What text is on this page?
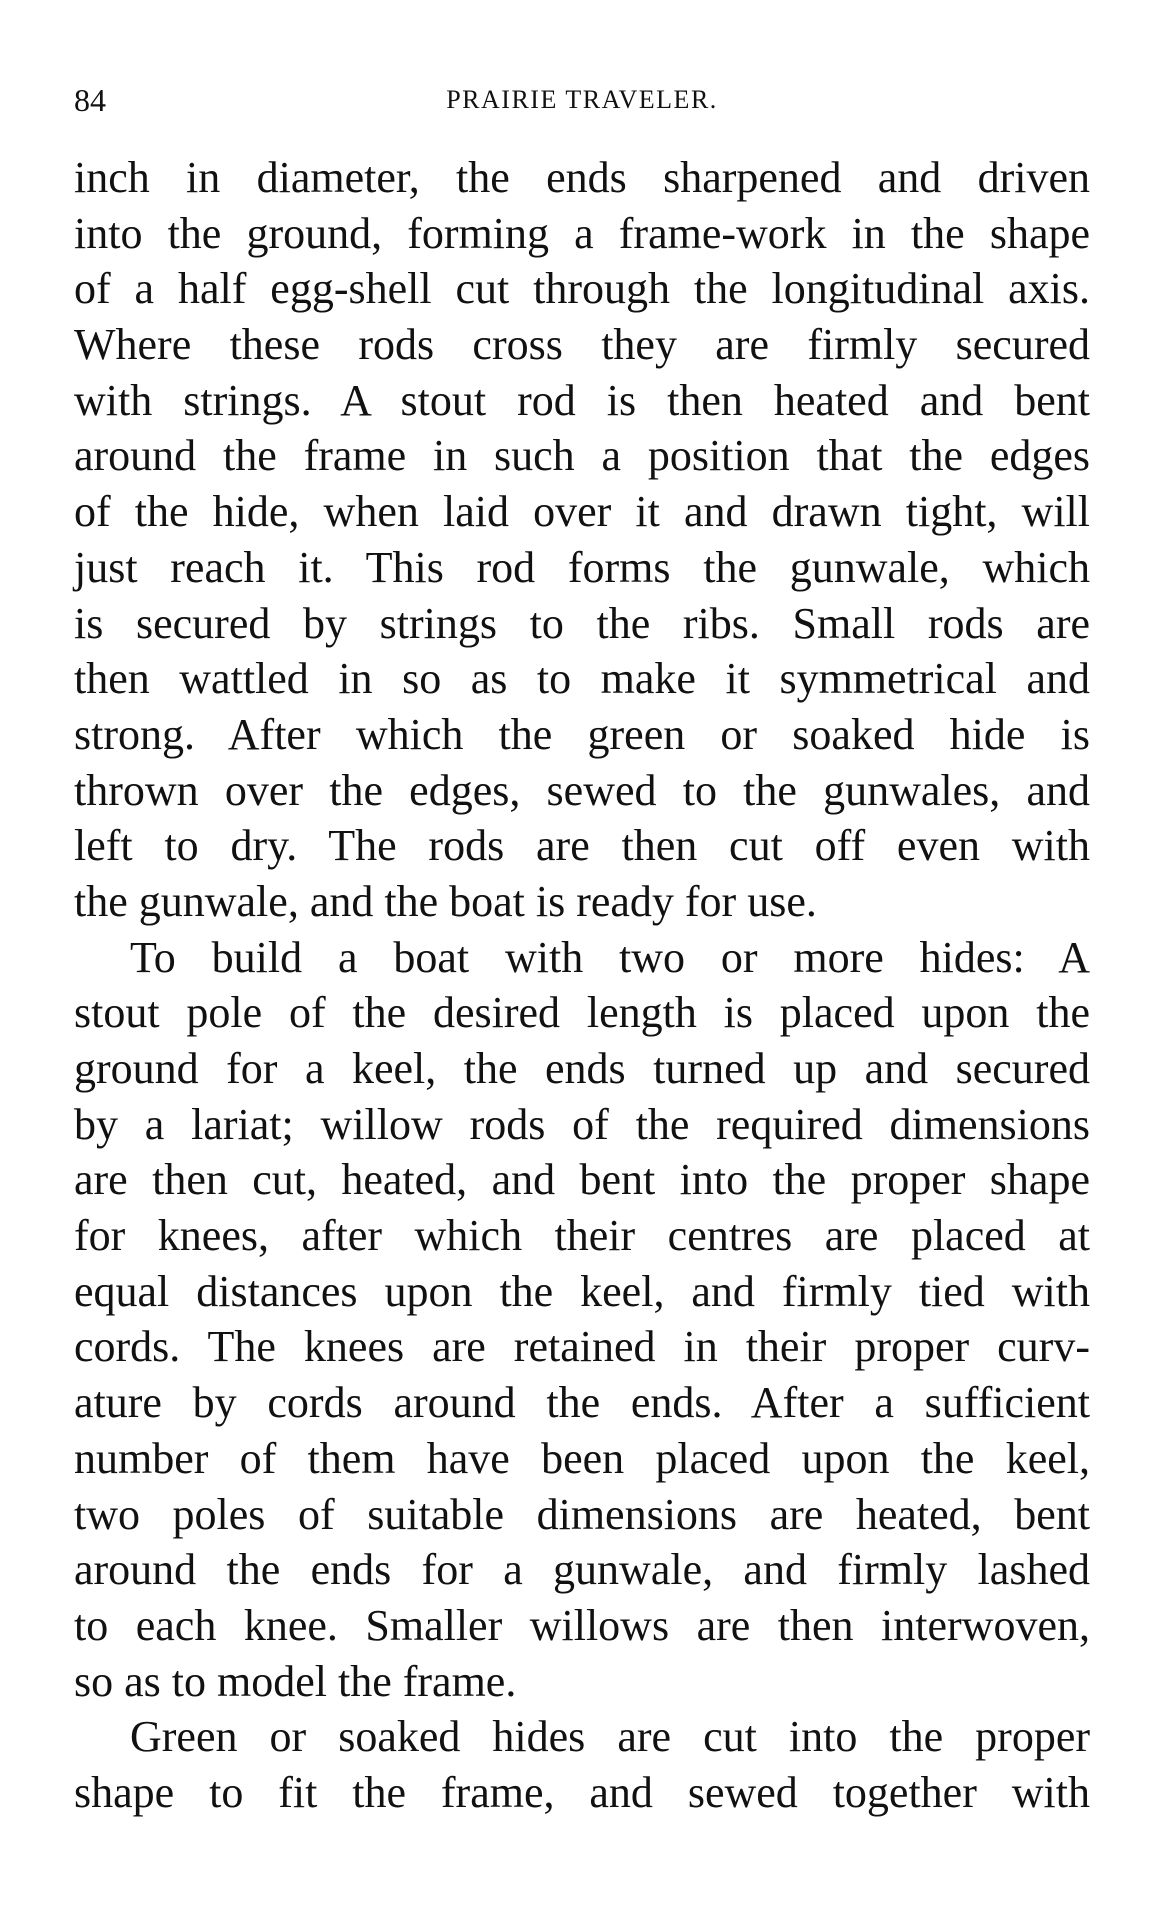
84	PRAIRIE TRAVELER.
inch in diameter, the ends sharpened and driven
into the ground, forming a frame-work in the shape
of a half egg-shell cut through the longitudinal axis.
Where these rods cross they are firmly secured
with strings. A stout rod is then heated and bent
around the frame in such a position that the edges
of the hide, when laid over it and drawn tight, will
just reach it. This rod forms the gunwale, which
is secured by strings to the ribs. Small rods are
then wattled in so as to make it symmetrical and
strong. After which the green or soaked hide is
thrown over the edges, sewed to the gunwales, and
left to dry. The rods are then cut off even with
the gunwale, and the boat is ready for use.
To build a boat with two or more hides: A
stout pole of the desired length is placed upon the
ground for a keel, the ends turned up and secured
by a lariat; willow rods of the required dimensions
are then cut, heated, and bent into the proper shape
for knees, after which their centres are placed at
equal distances upon the keel, and firmly tied with
cords. The knees are retained in their proper curv-
ature by cords around the ends. After a sufficient
number of them have been placed upon the keel,
two poles of suitable dimensions are heated, bent
around the ends for a gunwale, and firmly lashed
to each knee. Smaller willows are then interwoven,
so as to model the frame.
Green or soaked hides are cut into the proper
shape to fit the frame, and sewed together with
